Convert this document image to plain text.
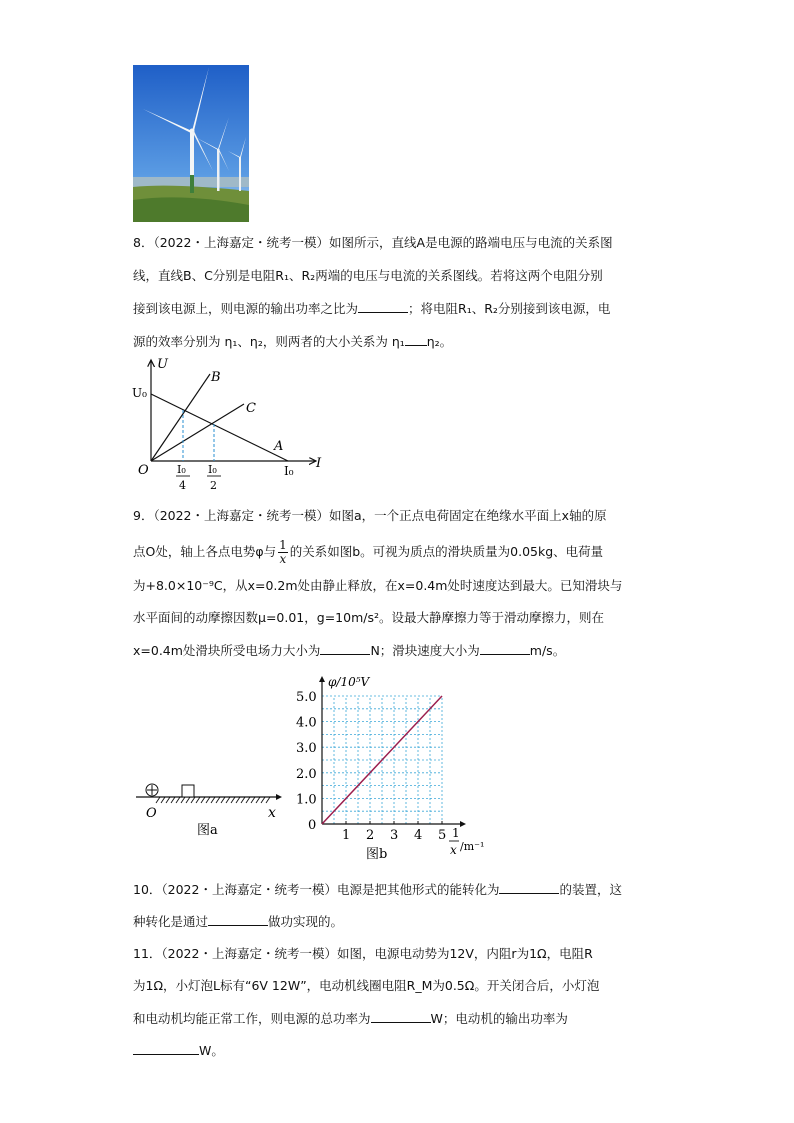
8．（2022・上海嘉定・统考一模）如图所示，直线A是电源的路端电压与电流的关系图
线，直线B、C分别是电阻R₁、R₂两端的电压与电流的关系图线。若将这两个电阻分别
接到该电源上，则电源的输出功率之比为	；将电阻R₁、R₂分别接到该电源，电
源的效率分别为 η₁、η₂，则两者的大小关系为 η₁ η₂。
U
U₀
B
C
A
O	I
I₀
I₀
4
I₀
2
9．（2022・上海嘉定・统考一模）如图a，一个正点电荷固定在绝缘水平面上x轴的原
点O处，轴上各点电势φ与 $\frac{1}{x}$ 的关系如图b。可视为质点的滑块质量为0.05kg、电荷量
为+8.0×10⁻⁹C，从x=0.2m处由静止释放，在x=0.4m处时速度达到最大。已知滑块与
水平面间的动摩擦因数μ=0.01，g=10m/s²。设最大静摩擦力等于滑动摩擦力，则在
x=0.4m处滑块所受电场力大小为	N；滑块速度大小为	m/s。
O	x
图a	1 2 3 4 5
0
1.0
2.0
3.0
4.0
5.0
φ/10⁵V
1
x /m⁻¹
图b
10．（2022・上海嘉定・统考一模）电源是把其他形式的能转化为	的装置，这
种转化是通过	做功实现的。
11．（2022・上海嘉定・统考一模）如图，电源电动势为12V，内阻r为1Ω，电阻R
为1Ω，小灯泡L标有“6V 12W”，电动机线圈电阻R_M为0.5Ω。开关闭合后，小灯泡
和电动机均能正常工作，则电源的总功率为	W；电动机的输出功率为
W。
